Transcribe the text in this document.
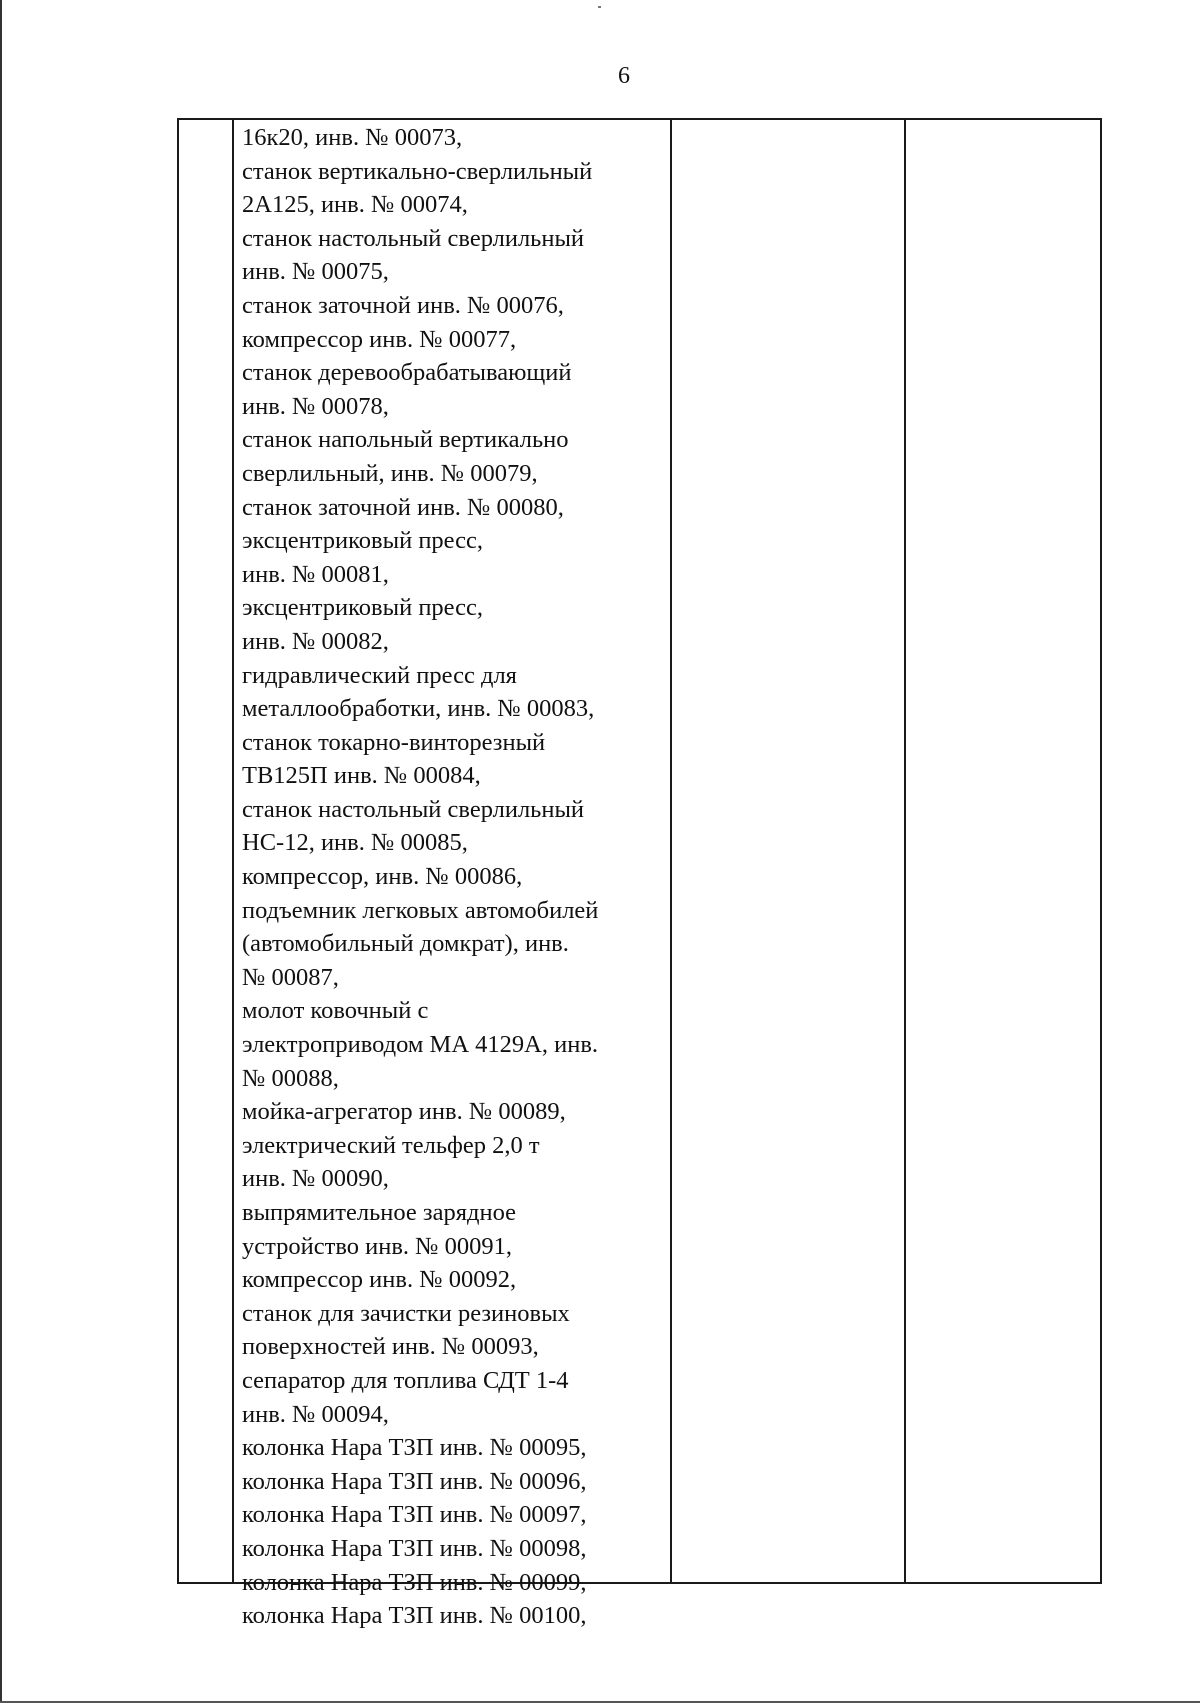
6
16к20, инв. № 00073,
станок вертикально-сверлильный
2А125, инв. № 00074,
станок настольный сверлильный
инв. № 00075,
станок заточной инв. № 00076,
компрессор инв. № 00077,
станок деревообрабатывающий
инв. № 00078,
станок напольный вертикально
сверлильный, инв. № 00079,
станок заточной инв. № 00080,
эксцентриковый пресс,
инв. № 00081,
эксцентриковый пресс,
инв. № 00082,
гидравлический пресс для
металлообработки, инв. № 00083,
станок токарно-винторезный
ТВ125П инв. № 00084,
станок настольный сверлильный
НС-12, инв. № 00085,
компрессор, инв. № 00086,
подъемник легковых автомобилей
(автомобильный домкрат), инв.
№ 00087,
молот ковочный с
электроприводом МА 4129А, инв.
№ 00088,
мойка-агрегатор инв. № 00089,
электрический тельфер 2,0 т
инв. № 00090,
выпрямительное зарядное
устройство инв. № 00091,
компрессор инв. № 00092,
станок для зачистки резиновых
поверхностей инв. № 00093,
сепаратор для топлива СДТ 1-4
инв. № 00094,
колонка Нара ТЗП инв. № 00095,
колонка Нара ТЗП инв. № 00096,
колонка Нара ТЗП инв. № 00097,
колонка Нара ТЗП инв. № 00098,
колонка Нара ТЗП инв. № 00099,
колонка Нара ТЗП инв. № 00100,
